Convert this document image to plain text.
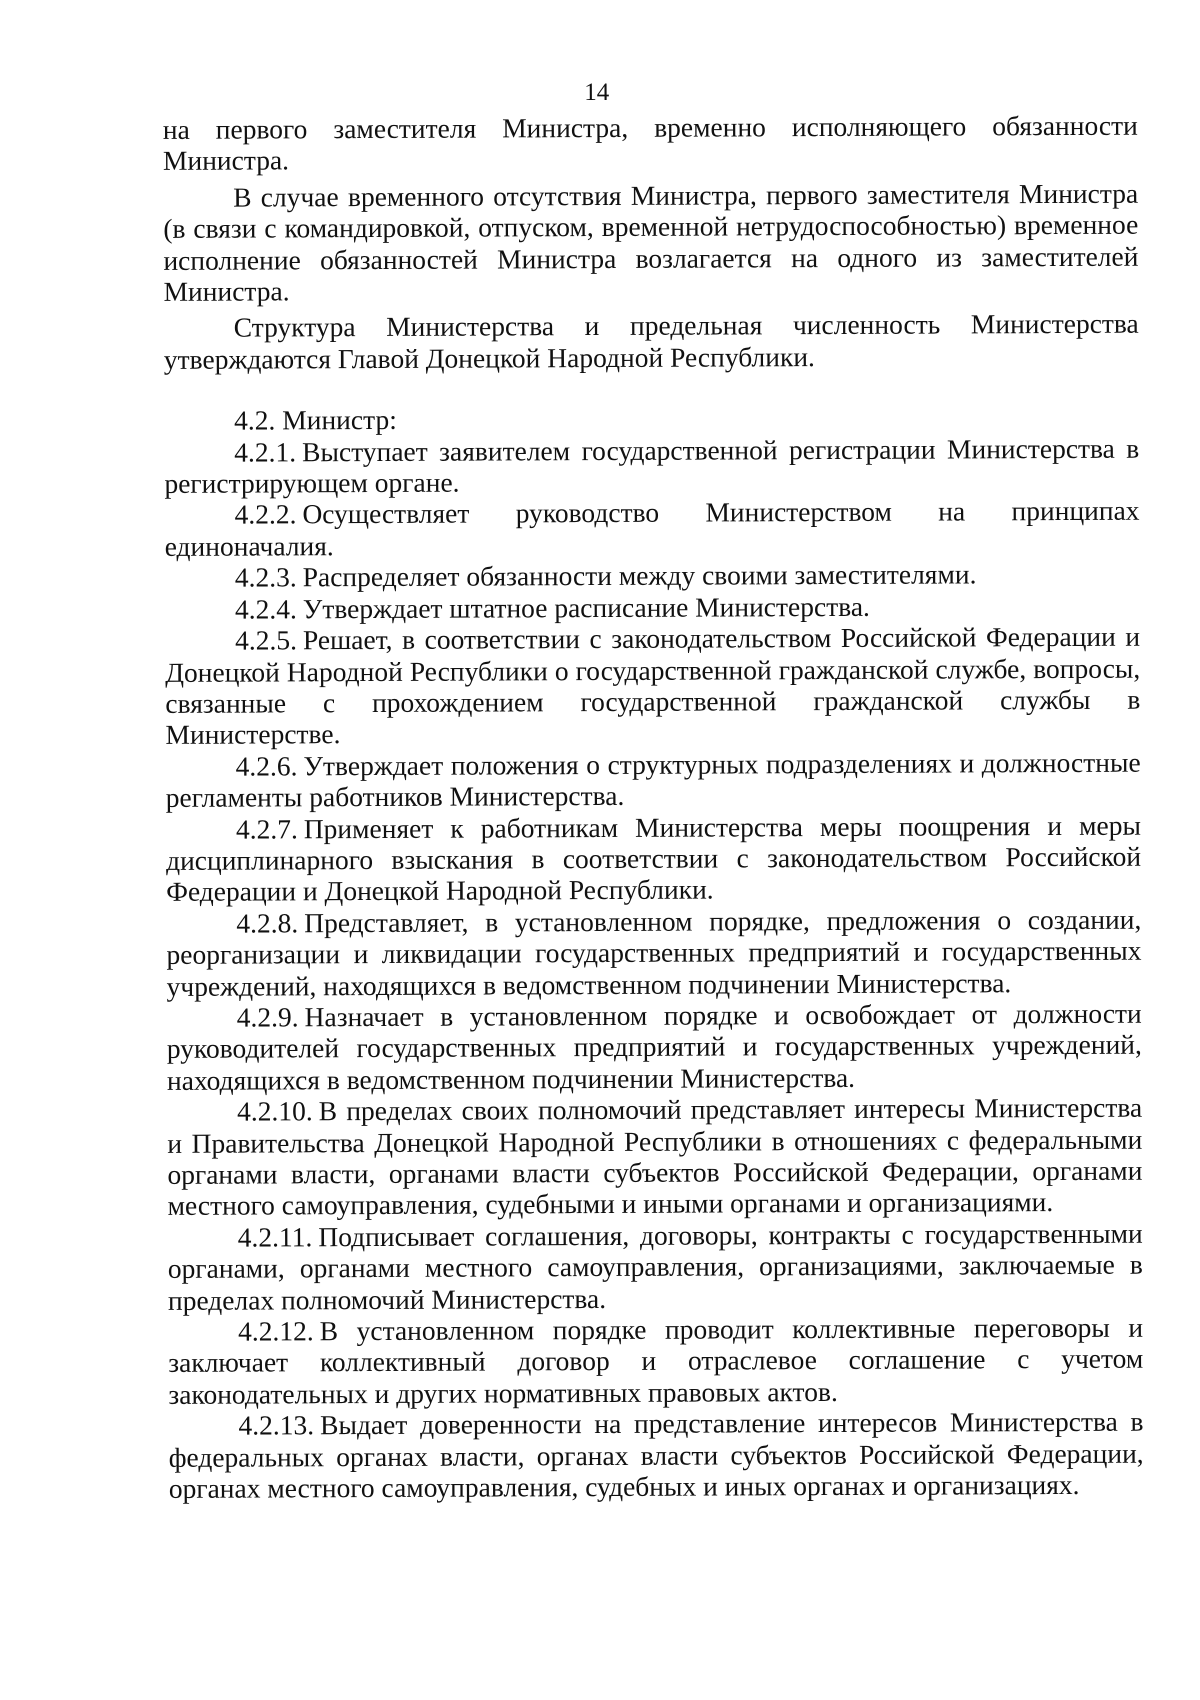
14

на первого заместителя Министра, временно исполняющего обязанности Министра.

В случае временного отсутствия Министра, первого заместителя Министра (в связи с командировкой, отпуском, временной нетрудоспособностью) временное исполнение обязанностей Министра возлагается на одного из заместителей Министра.

Структура Министерства и предельная численность Министерства утверждаются Главой Донецкой Народной Республики.

4.2. Министр:

4.2.1. Выступает заявителем государственной регистрации Министерства в регистрирующем органе.

4.2.2. Осуществляет руководство Министерством на принципах единоначалия.

4.2.3. Распределяет обязанности между своими заместителями.

4.2.4. Утверждает штатное расписание Министерства.

4.2.5. Решает, в соответствии с законодательством Российской Федерации и Донецкой Народной Республики о государственной гражданской службе, вопросы, связанные с прохождением государственной гражданской службы в Министерстве.

4.2.6. Утверждает положения о структурных подразделениях и должностные регламенты работников Министерства.

4.2.7. Применяет к работникам Министерства меры поощрения и меры дисциплинарного взыскания в соответствии с законодательством Российской Федерации и Донецкой Народной Республики.

4.2.8. Представляет, в установленном порядке, предложения о создании, реорганизации и ликвидации государственных предприятий и государственных учреждений, находящихся в ведомственном подчинении Министерства.

4.2.9. Назначает в установленном порядке и освобождает от должности руководителей государственных предприятий и государственных учреждений, находящихся в ведомственном подчинении Министерства.

4.2.10. В пределах своих полномочий представляет интересы Министерства и Правительства Донецкой Народной Республики в отношениях с федеральными органами власти, органами власти субъектов Российской Федерации, органами местного самоуправления, судебными и иными органами и организациями.

4.2.11. Подписывает соглашения, договоры, контракты с государственными органами, органами местного самоуправления, организациями, заключаемые в пределах полномочий Министерства.

4.2.12. В установленном порядке проводит коллективные переговоры и заключает коллективный договор и отраслевое соглашение с учетом законодательных и других нормативных правовых актов.

4.2.13. Выдает доверенности на представление интересов Министерства в федеральных органах власти, органах власти субъектов Российской Федерации, органах местного самоуправления, судебных и иных органах и организациях.
